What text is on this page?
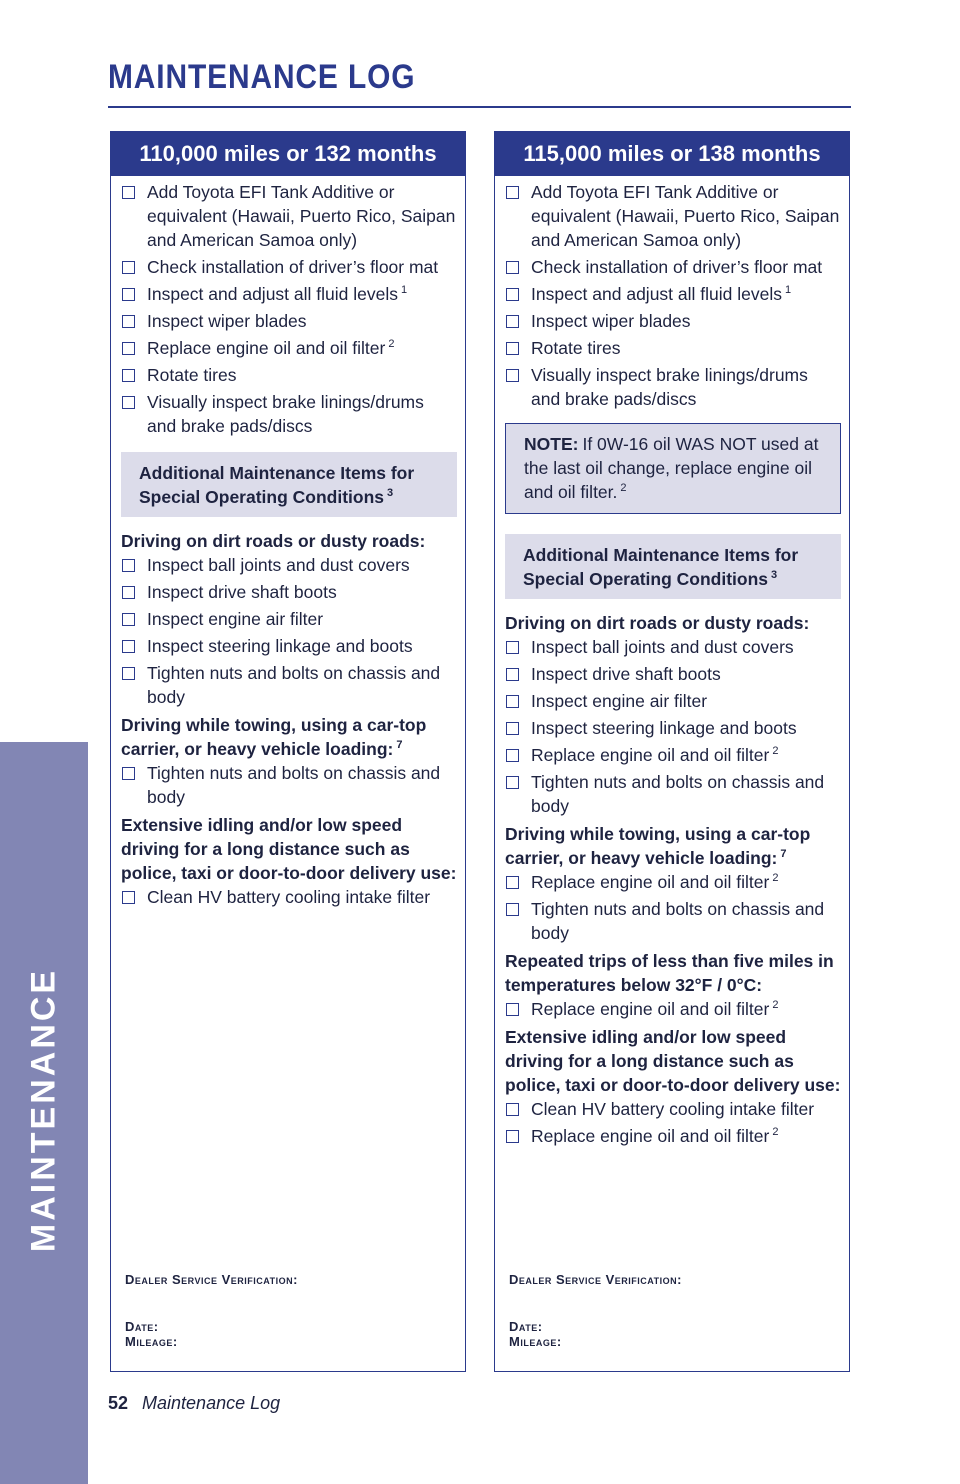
MAINTENANCE LOG
MAINTENANCE
110,000 miles or 132 months
Add Toyota EFI Tank Additive or equivalent (Hawaii, Puerto Rico, Saipan and American Samoa only)
Check installation of driver’s floor mat
Inspect and adjust all fluid levels $^1$
Inspect wiper blades
Replace engine oil and oil filter $^2$
Rotate tires
Visually inspect brake linings/drums and brake pads/discs
Additional Maintenance Items for Special Operating Conditions $^3$
Driving on dirt roads or dusty roads:
Inspect ball joints and dust covers
Inspect drive shaft boots
Inspect engine air filter
Inspect steering linkage and boots
Tighten nuts and bolts on chassis and body
Driving while towing, using a car-top carrier, or heavy vehicle loading: $^7$
Tighten nuts and bolts on chassis and body
Extensive idling and/or low speed driving for a long distance such as police, taxi or door-to-door delivery use:
Clean HV battery cooling intake filter
Dealer Service Verification:
Date:
Mileage:
115,000 miles or 138 months
Add Toyota EFI Tank Additive or equivalent (Hawaii, Puerto Rico, Saipan and American Samoa only)
Check installation of driver’s floor mat
Inspect and adjust all fluid levels $^1$
Inspect wiper blades
Rotate tires
Visually inspect brake linings/drums and brake pads/discs
NOTE: If 0W-16 oil WAS NOT used at the last oil change, replace engine oil and oil filter. $^2$
Additional Maintenance Items for Special Operating Conditions $^3$
Driving on dirt roads or dusty roads:
Inspect ball joints and dust covers
Inspect drive shaft boots
Inspect engine air filter
Inspect steering linkage and boots
Replace engine oil and oil filter $^2$
Tighten nuts and bolts on chassis and body
Driving while towing, using a car-top carrier, or heavy vehicle loading: $^7$
Replace engine oil and oil filter $^2$
Tighten nuts and bolts on chassis and body
Repeated trips of less than five miles in temperatures below 32°F / 0°C:
Replace engine oil and oil filter $^2$
Extensive idling and/or low speed driving for a long distance such as police, taxi or door-to-door delivery use:
Clean HV battery cooling intake filter
Replace engine oil and oil filter $^2$
Dealer Service Verification:
Date:
Mileage:
52 Maintenance Log
